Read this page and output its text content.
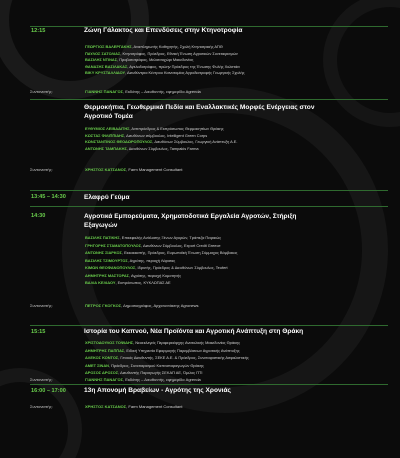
12:15	Ζώνη Γάλακτος και Επενδύσεις στην Κτηνοτροφία
ΓΕΩΡΓΙΟΣ ΒΑΛΕΡΓΑΚΗΣ, Αναπληρωτής Καθηγητής, Σχολή Κτηνιατρικής ΑΠΘ
ΠΑΥΛΟΣ ΣΑΤΟΛΙΑΣ, Κτηνοτρόφος, Πρόεδρος, Εθνική Ένωση Αγροτικών Συνεταιρισμών
ΒΑΣΙΛΗΣ ΝΤΙΝΑΣ, Προβατοτρόφος, Μελισσοχώρι Μακεδονίας
ΘΑΝΑΣΗΣ ΒΑΣΙΛΑΚΑΣ, Αγελαδοτρόφος, πρώην Πρόεδρος της Ένωσης Φυλής Χολστάιν
ΒΙΚΥ ΚΡΥΣΤΑΛΛΙΔΟΥ, Διευθύντρια Κέντρου Καινοτομίας Αγροδιατροφής Γεωργικής Σχολής
Συντονιστής:	ΓΙΑΝΝΗΣ ΠΑΝΑΓΟΣ, Εκδότης – Διευθυντής, εφημερίδα Agrenda
Θερμοκήπια, Γεωθερμικά Πεδία και Εναλλακτικές Μορφές Ενέργειας στον Αγροτικό Τομέα
ΕΥΘΥΜΙΟΣ ΛΕΙΒΑΔΙΤΗΣ, Αντιπρόεδρος & Εκπρόσωπος Θερμοκηπίων Θράκης
ΚΩΣΤΑΣ ΦΙΛΙΠΠΙΔΗΣ, Διευθύνων σύμβουλος, Intelligent Green Corps
ΚΩΝΣΤΑΝΤΙΝΟΣ ΘΕΟΔΩΡΟΠΟΥΛΟΣ, Διευθύνων Σύμβουλος, Γεωργική Ανάπτυξη Α.Ε.
ΑΝΤΩΝΗΣ ΤΑΜΠΑΚΗΣ, Διευθύνων Σύμβουλος, Tampakis Farma
Συντονιστής:	ΧΡΗΣΤΟΣ ΚΑΤΣΑΝΟΣ, Farm Management Consultant
13:45 – 14:30	Ελαφρύ Γεύμα
14:30	Αγροτικά Εμπορεύματα, Χρηματοδοτικά Εργαλεία Αγροτών, Στήριξη Εξαγωγών
ΒΑΣΙΛΗΣ ΠΑΤΙΚΗΣ, Επικεφαλής Ανάλυσης Ξένων Αγορών, Τράπεζα Πειραιώς
ΓΡΗΓΟΡΗΣ ΣΤΑΜΑΤΟΠΟΥΛΟΣ, Διευθύνων Σύμβουλος, Export Credit Greece
ΑΝΤΩΝΗΣ ΣΙΑΡΚΟΣ, Εκκοκκιστής, Πρόεδρος, Ευρωπαϊκή Ένωση Σύμμαχος Βάμβακος
ΒΑΣΙΛΗΣ ΤΖΙΜΟΥΡΤΟΣ, Αγρότης, περιοχή Λάρισας
ΚΙΜΩΝ ΘΕΟΦΑΝΟΠΟΥΛΟΣ, Ιδρυτής, Πρόεδρος & Διευθύνων Σύμβουλος, Teofert
ΔΗΜΗΤΡΗΣ ΜΑΣΤΟΡΑΣ, Αγρότης, περιοχή Κομοτηνής
ΒΑΛΙΑ ΚΕΛΙΔΟΥ, Εκπρόσωπος, ΚΥΚΛΩΠΑΣ ΑΕ
Συντονιστής:	ΠΕΤΡΟΣ ΓΚΟΓΚΟΣ, Δημοσιογράφος, Αρχισυντάκτης Agronews
15:15	Ιστορία του Καπνού, Νέα Προϊόντα και Αγροτική Ανάπτυξη στη Θράκη
ΧΡΙΣΤΟΔΟΥΛΟΣ ΤΟΨΙΔΗΣ, Νεοεκλεγείς Περιφερειάρχης Ανατολικής Μακεδονίας Θράκης
ΔΗΜΗΤΡΗΣ ΠΑΠΠΑΣ, Ειδική Υπηρεσία Εφαρμογής Παρεμβάσεων Αγροτικής Ανάπτυξης
ΑΛΕΚΟΣ ΚΟΝΤΟΣ, Γενικός Διευθυντής, ΣΕΚΕ Α.Ε. & Πρόεδρος, Συνεταιριστικής Ασφαλιστικής
ΑΜΕΤ ΣΙΝΑΝ, Πρόεδρος, Συνεταιρισμού Καπνοπαραγωγών Θράκης
ΔΡΟΣΟΣ ΔΡΟΣΟΣ, Διευθυντής Παραγωγής ΣΕΚΑΠ ΑΕ, Όμιλος ΠΤΙ
Συντονιστής:	ΓΙΑΝΝΗΣ ΠΑΝΑΓΟΣ, Εκδότης – Διευθυντής, εφημερίδα Agrenda
16:00 – 17:00	13η Απονομή Βραβείων - Αγρότης της Χρονιάς
Συντονιστής:	ΧΡΗΣΤΟΣ ΚΑΤΣΑΝΟΣ, Farm Management Consultant
